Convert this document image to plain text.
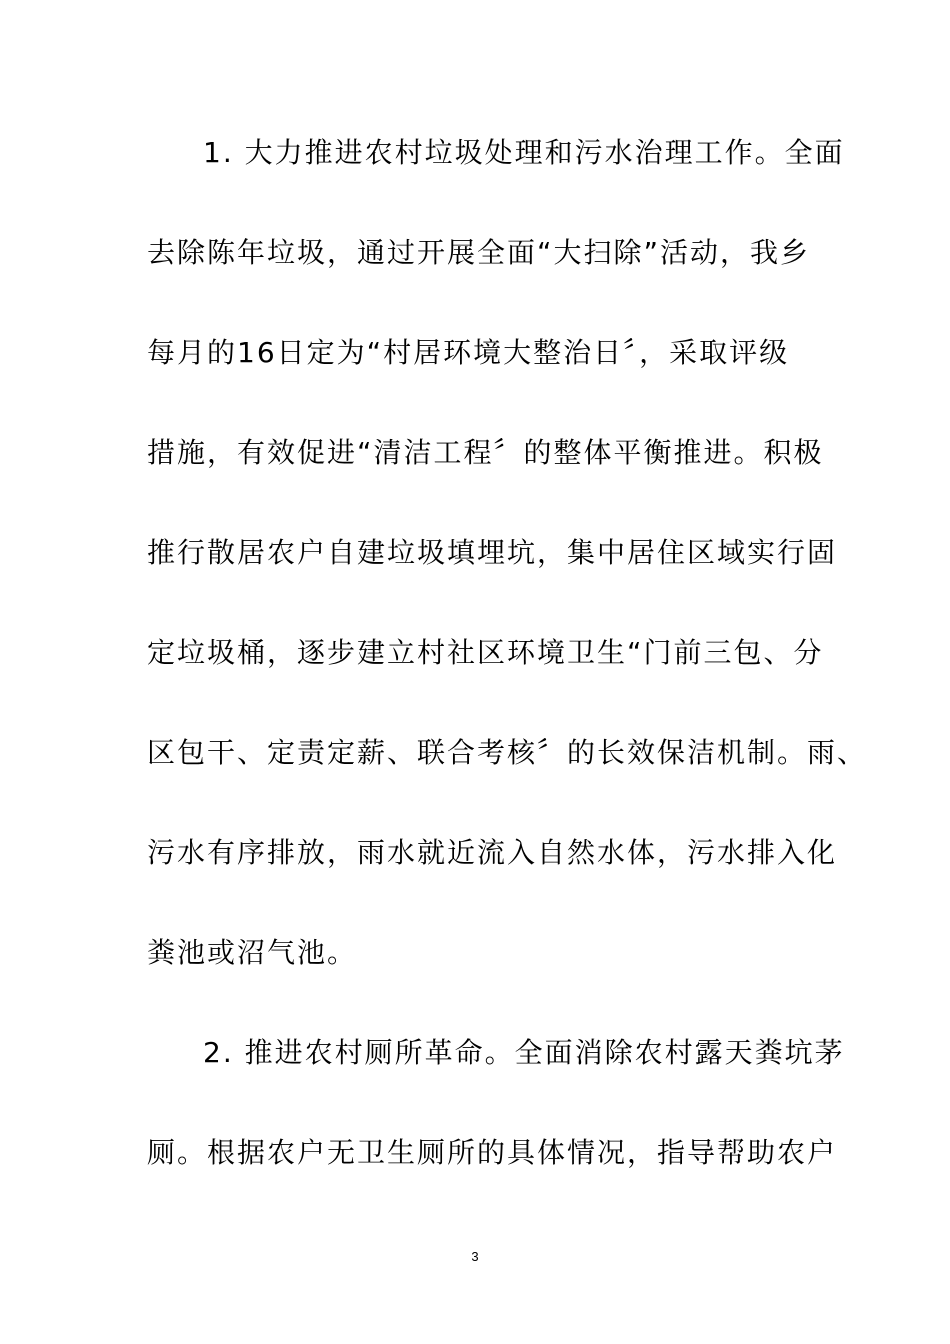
1. 大力推进农村垃圾处理和污水治理工作。全面
去除陈年垃圾，通过开展全面“大扫除”活动，我乡
每月的16日定为“村居环境大整治日〞，采取评级
措施，有效促进“清洁工程〞的整体平衡推进。积极
推行散居农户自建垃圾填埋坑，集中居住区域实行固
定垃圾桶，逐步建立村社区环境卫生“门前三包、分
区包干、定责定薪、联合考核〞的长效保洁机制。雨、
污水有序排放，雨水就近流入自然水体，污水排入化
粪池或沼气池。
2. 推进农村厕所革命。全面消除农村露天粪坑茅
厕。根据农户无卫生厕所的具体情况，指导帮助农户
3
